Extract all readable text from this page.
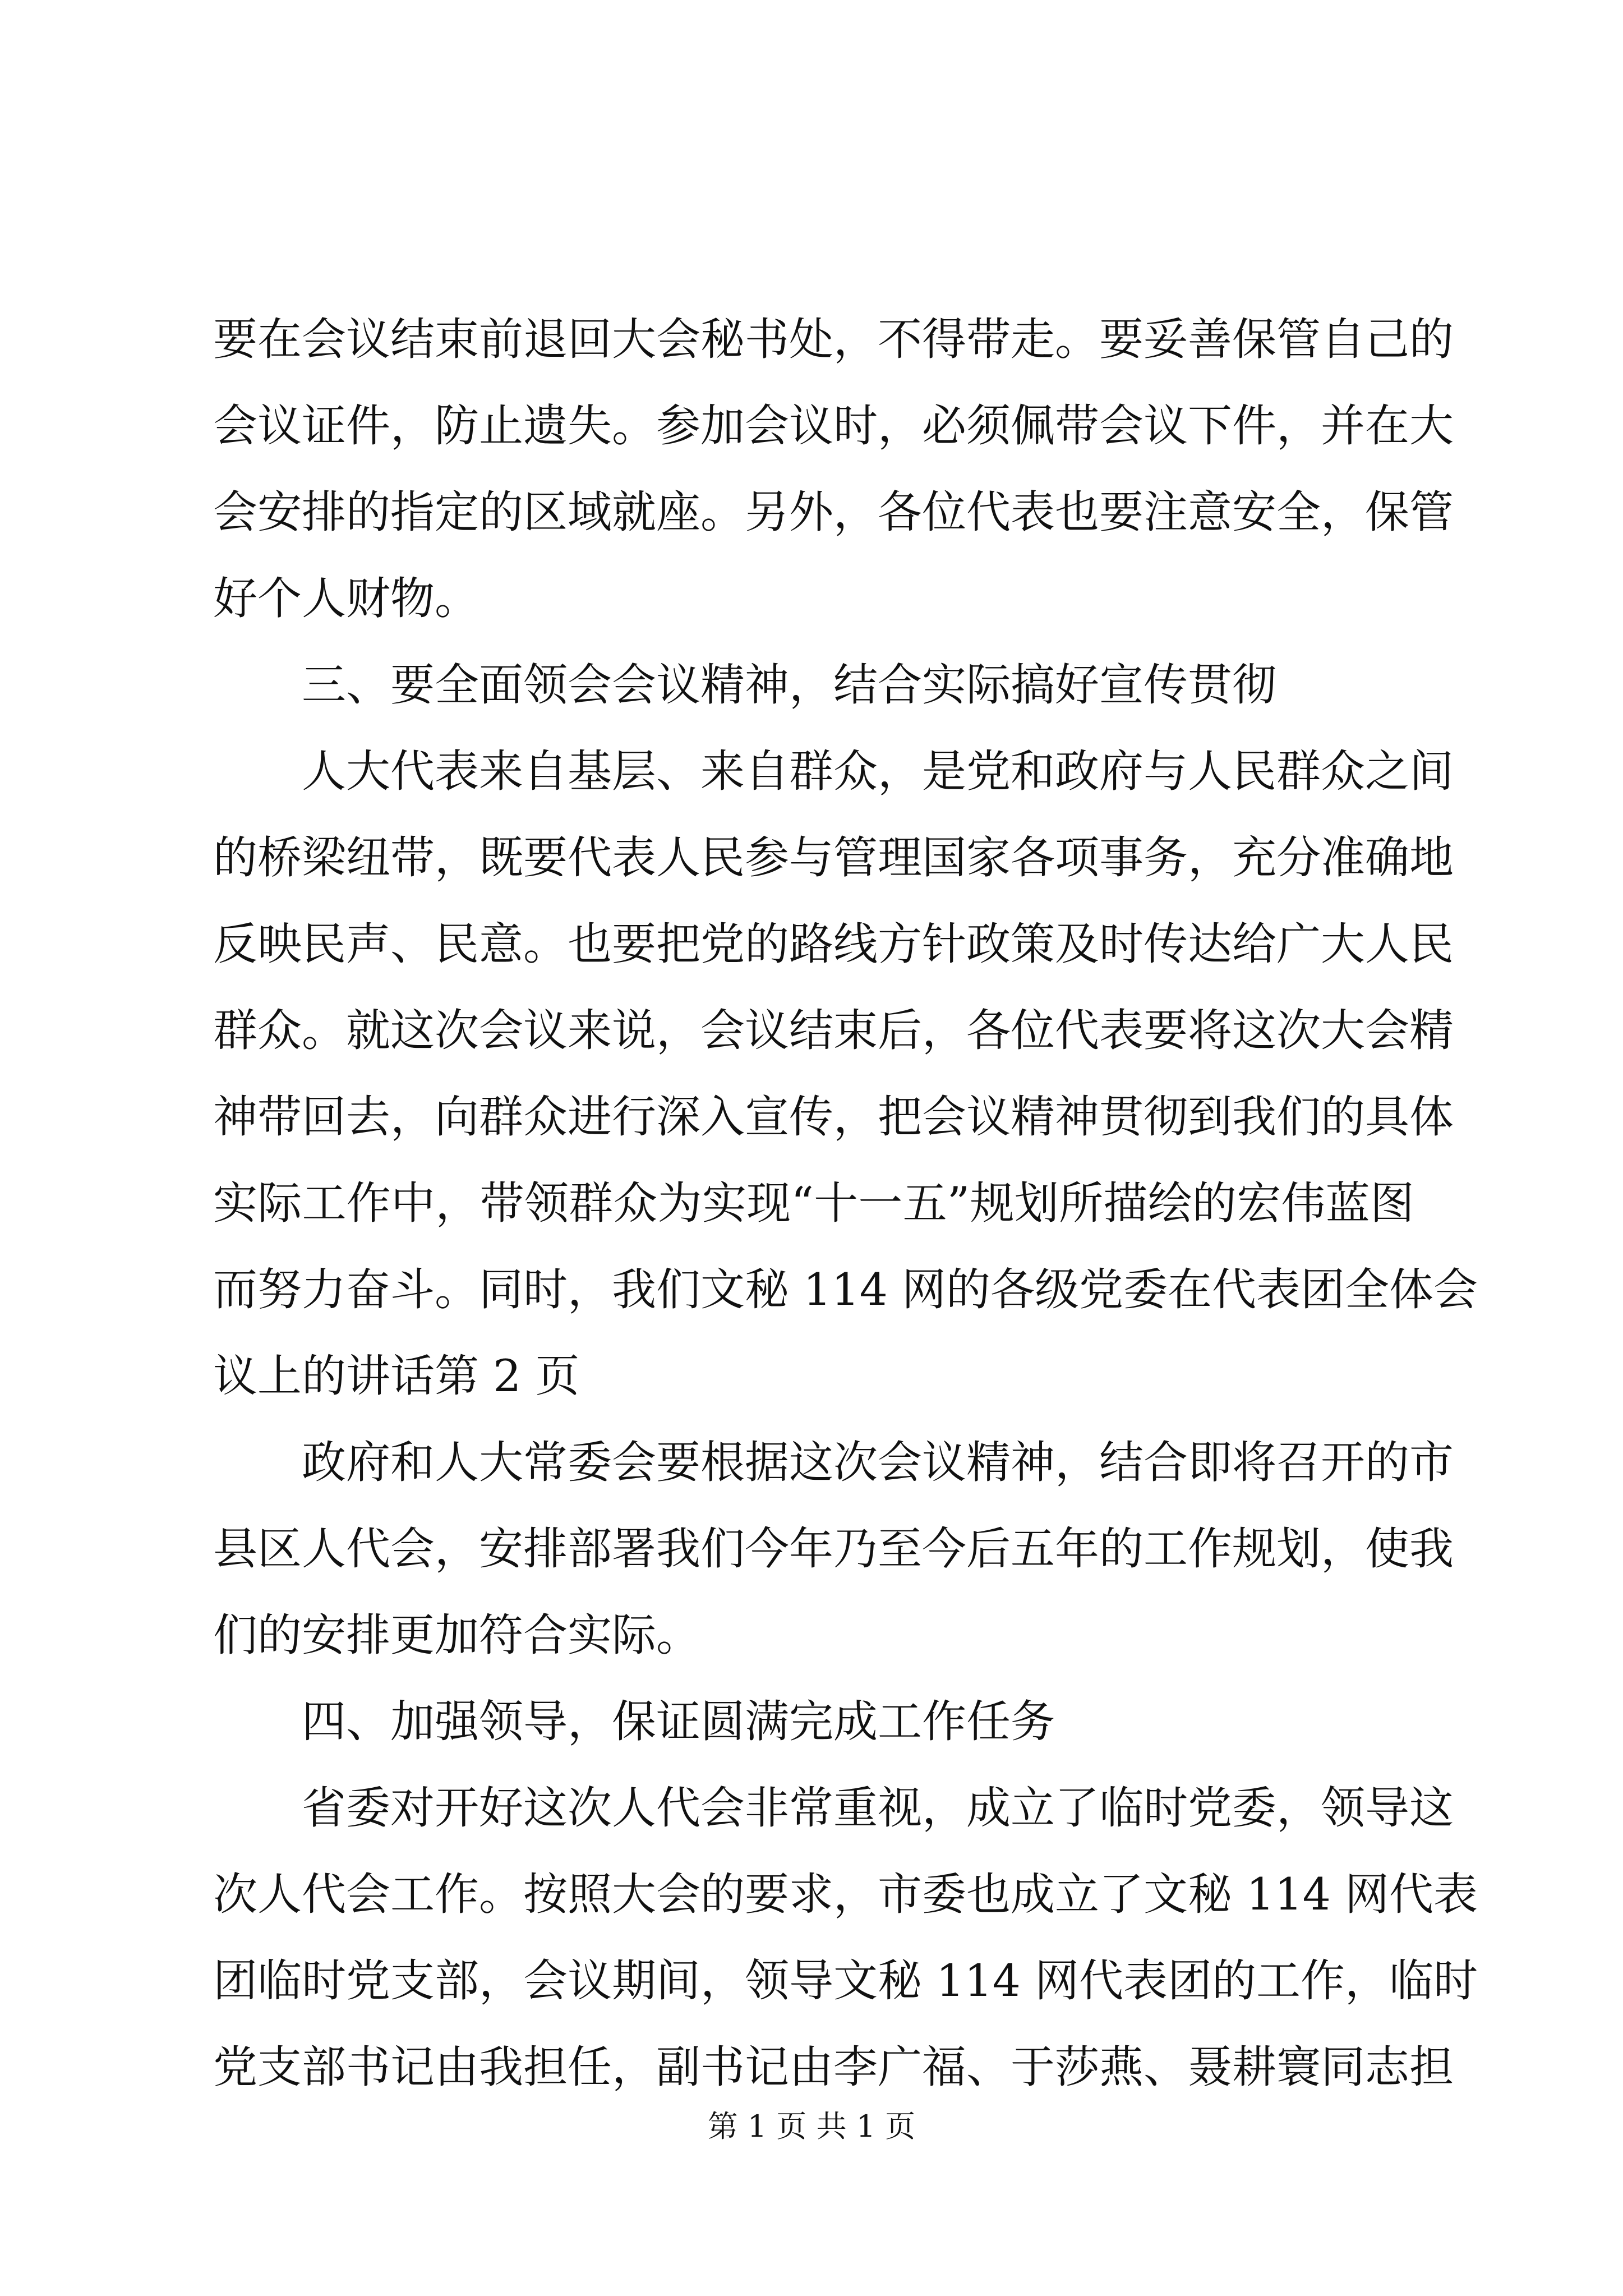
要在会议结束前退回大会秘书处，不得带走。要妥善保管自己的
会议证件，防止遗失。参加会议时，必须佩带会议下件，并在大
会安排的指定的区域就座。另外，各位代表也要注意安全，保管
好个人财物。
三、要全面领会会议精神，结合实际搞好宣传贯彻
人大代表来自基层、来自群众，是党和政府与人民群众之间
的桥梁纽带，既要代表人民参与管理国家各项事务，充分准确地
反映民声、民意。也要把党的路线方针政策及时传达给广大人民
群众。就这次会议来说，会议结束后，各位代表要将这次大会精
神带回去，向群众进行深入宣传，把会议精神贯彻到我们的具体
实际工作中，带领群众为实现“十一五”规划所描绘的宏伟蓝图
而努力奋斗。同时，我们文秘 114 网的各级党委在代表团全体会
议上的讲话第 2 页
政府和人大常委会要根据这次会议精神，结合即将召开的市
县区人代会，安排部署我们今年乃至今后五年的工作规划，使我
们的安排更加符合实际。
四、加强领导，保证圆满完成工作任务
省委对开好这次人代会非常重视，成立了临时党委，领导这
次人代会工作。按照大会的要求，市委也成立了文秘 114 网代表
团临时党支部，会议期间，领导文秘 114 网代表团的工作，临时
党支部书记由我担任，副书记由李广福、于莎燕、聂耕寰同志担
第 1 页 共 1 页
